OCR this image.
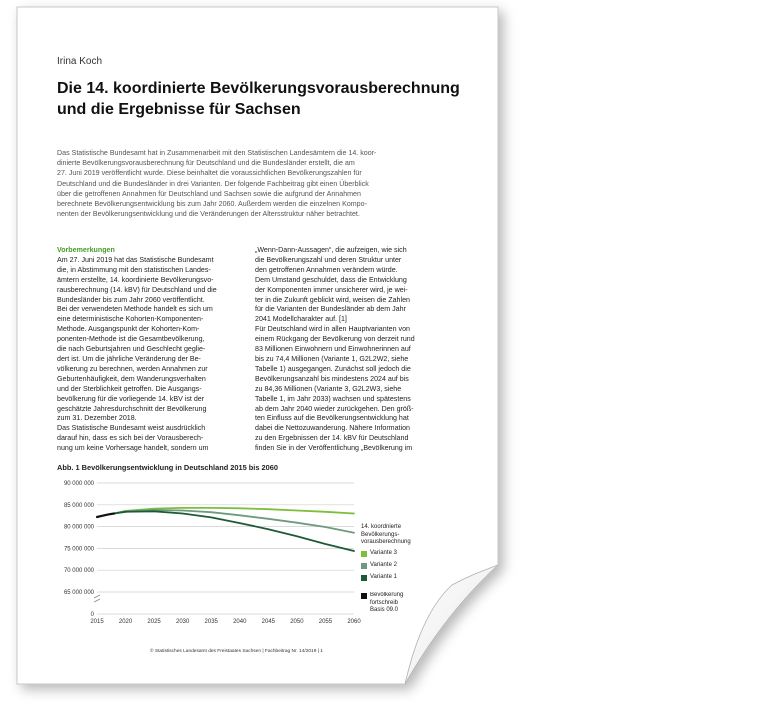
Irina Koch
Die 14. koordinierte Bevölkerungsvorausberechnung
und die Ergebnisse für Sachsen
Das Statistische Bundesamt hat in Zusammenarbeit mit den Statistischen Landesämtern die 14. koor-
dinierte Bevölkerungsvorausberechnung für Deutschland und die Bundesländer erstellt, die am
27. Juni 2019 veröffentlicht wurde. Diese beinhaltet die voraussichtlichen Bevölkerungszahlen für
Deutschland und die Bundesländer in drei Varianten. Der folgende Fachbeitrag gibt einen Überblick
über die getroffenen Annahmen für Deutschland und Sachsen sowie die aufgrund der Annahmen
berechnete Bevölkerungsentwicklung bis zum Jahr 2060. Außerdem werden die einzelnen Kompo-
nenten der Bevölkerungsentwicklung und die Veränderungen der Altersstruktur näher betrachtet.
Vorbemerkungen
Am 27. Juni 2019 hat das Statistische Bundesamt
die, in Abstimmung mit den statistischen Landes-
ämtern erstellte, 14. koordinierte Bevölkerungsvo-
rausberechnung (14. kBV) für Deutschland und die
Bundesländer bis zum Jahr 2060 veröffentlicht.
Bei der verwendeten Methode handelt es sich um
eine deterministische Kohorten-Komponenten-
Methode. Ausgangspunkt der Kohorten-Kom-
ponenten-Methode ist die Gesamtbevölkerung,
die nach Geburtsjahren und Geschlecht geglie-
dert ist. Um die jährliche Veränderung der Be-
völkerung zu berechnen, werden Annahmen zur
Geburtenhäufigkeit, dem Wanderungsverhalten
und der Sterblichkeit getroffen. Die Ausgangs-
bevölkerung für die vorliegende 14. kBV ist der
geschätzte Jahresdurchschnitt der Bevölkerung
zum 31. Dezember 2018.
Das Statistische Bundesamt weist ausdrücklich
darauf hin, dass es sich bei der Vorausberech-
nung um keine Vorhersage handelt, sondern um
„Wenn-Dann-Aussagen“, die aufzeigen, wie sich
die Bevölkerungszahl und deren Struktur unter
den getroffenen Annahmen verändern würde.
Dem Umstand geschuldet, dass die Entwicklung
der Komponenten immer unsicherer wird, je wei-
ter in die Zukunft geblickt wird, weisen die Zahlen
für die Varianten der Bundesländer ab dem Jahr
2041 Modellcharakter auf. [1]
Für Deutschland wird in allen Hauptvarianten von
einem Rückgang der Bevölkerung von derzeit rund
83 Millionen Einwohnern und Einwohnerinnen auf
bis zu 74,4 Millionen (Variante 1, G2L2W2, siehe
Tabelle 1) ausgegangen. Zunächst soll jedoch die
Bevölkerungsanzahl bis mindestens 2024 auf bis
zu 84,36 Millionen (Variante 3, G2L2W3, siehe
Tabelle 1, im Jahr 2033) wachsen und spätestens
ab dem Jahr 2040 wieder zurückgehen. Den größ-
ten Einfluss auf die Bevölkerungsentwicklung hat
dabei die Nettozuwanderung. Nähere Information
zu den Ergebnissen der 14. kBV für Deutschland
finden Sie in der Veröffentlichung „Bevölkerung im
Abb. 1 Bevölkerungsentwicklung in Deutschland 2015 bis 2060
0
65 000 000
70 000 000
75 000 000
80 000 000
85 000 000
90 000 000
2015	2020	2025	2030	2035	2040	2045	2050	2055	2060
14. koordnierte
Bevölkerungs-
vorausberechnung
Variante 3
Variante 2
Variante 1
Bevölkerung
fortschreib
Basis 09.0
© Statistisches Landesamt des Freistaates Sachsen | Fachbeitrag Nr. 14/2019 | 1
